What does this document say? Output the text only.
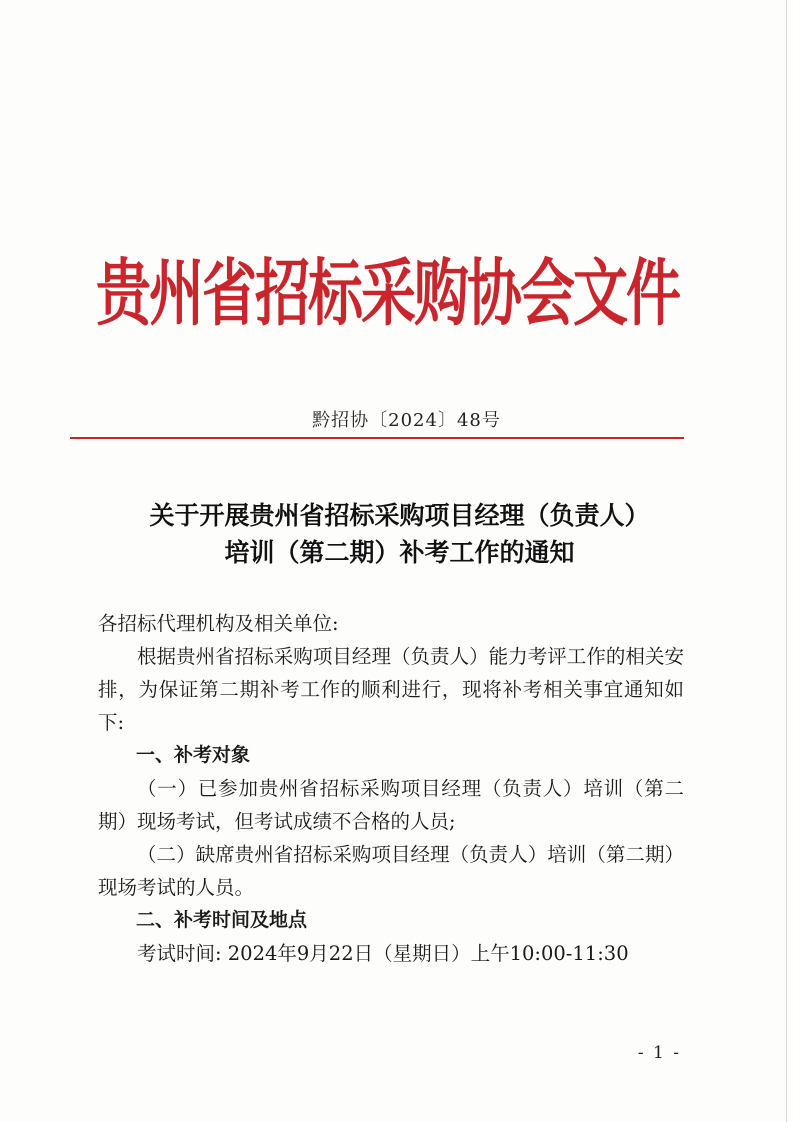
贵州省招标采购协会文件
黔招协〔2024〕48号
关于开展贵州省招标采购项目经理（负责人）
培训（第二期）补考工作的通知

各招标代理机构及相关单位:

根据贵州省招标采购项目经理（负责人）能力考评工作的相关安排，为保证第二期补考工作的顺利进行，现将补考相关事宜通知如下:

一、补考对象

（一）已参加贵州省招标采购项目经理（负责人）培训（第二期）现场考试，但考试成绩不合格的人员;

（二）缺席贵州省招标采购项目经理（负责人）培训（第二期）现场考试的人员。

二、补考时间及地点

考试时间: 2024年9月22日（星期日）上午10:00-11:30

- 1 -
